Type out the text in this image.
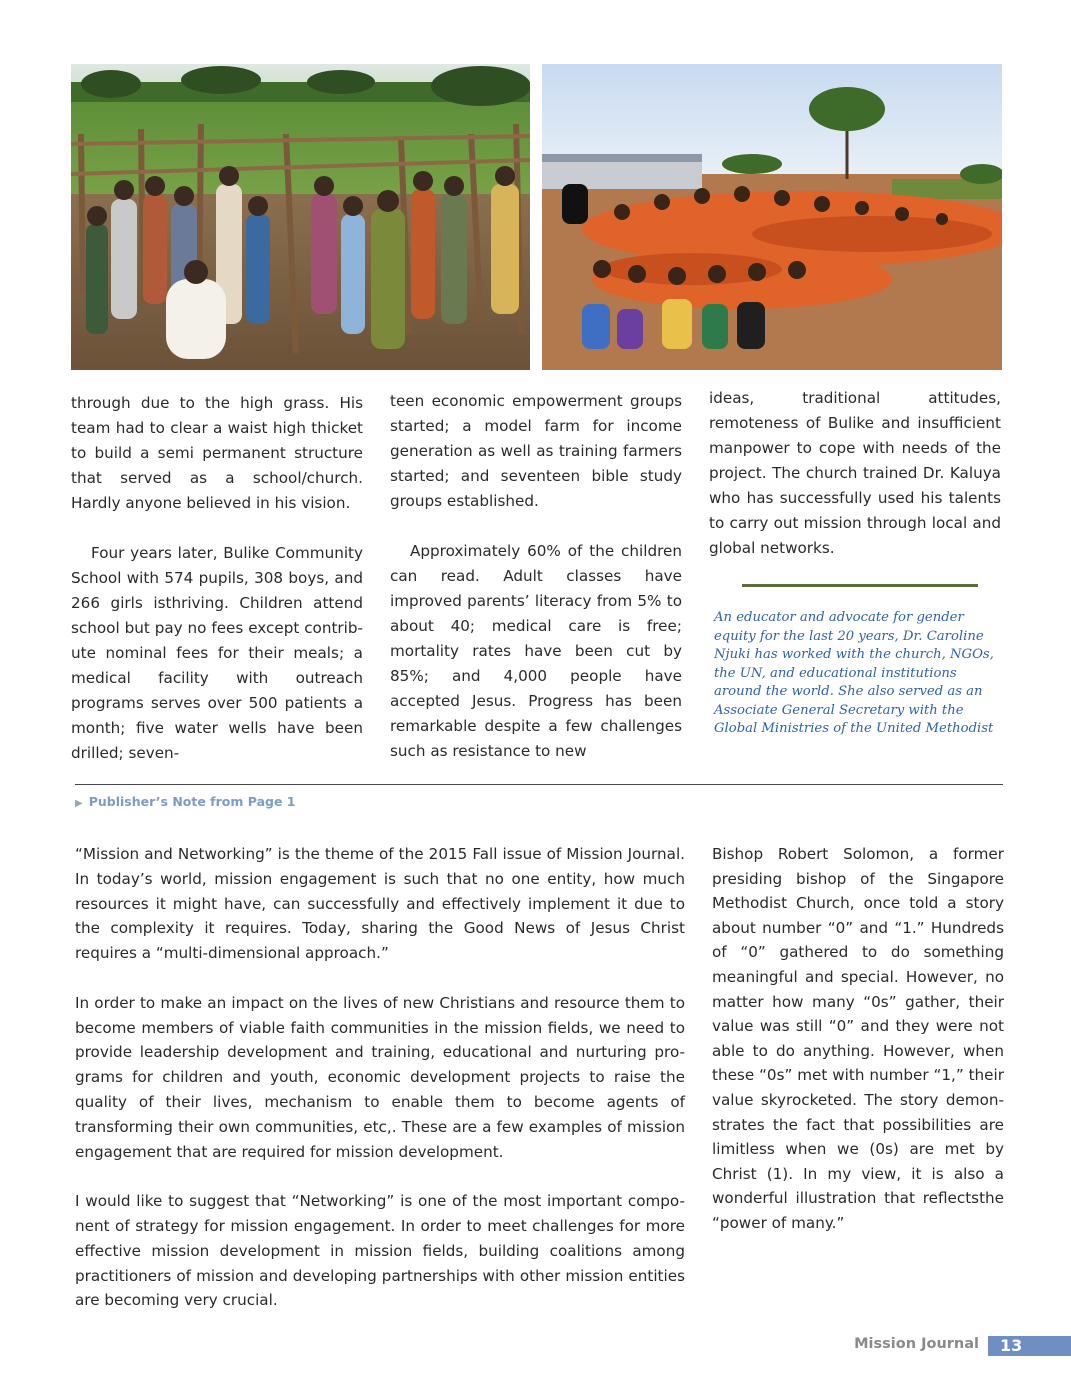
through due to the high grass. His team had to clear a waist high thicket to build a semi permanent structure that served as a school/church. Hardly anyone believed in his vision.

Four years later, Bulike Community School with 574 pupils, 308 boys, and 266 girls isthriving. Children attend school but pay no fees except contrib- ute nominal fees for their meals; a medical facility with outreach programs serves over 500 patients a month; five water wells have been drilled; seven-

teen economic empowerment groups started; a model farm for income generation as well as training farmers started; and seventeen bible study groups established.

Approximately 60% of the children can read. Adult classes have improved parents’ literacy from 5% to about 40; medical care is free; mortality rates have been cut by 85%; and 4,000 people have accepted Jesus. Progress has been remarkable despite a few challenges such as resistance to new

ideas, traditional attitudes, remoteness of Bulike and insufficient manpower to cope with needs of the project. The church trained Dr. Kaluya who has successfully used his talents to carry out mission through local and global networks.

An educator and advocate for gender equity for the last 20 years, Dr. Caroline Njuki has worked with the church, NGOs, the UN, and educational institutions around the world. She also served as an Associate General Secretary with the Global Ministries of the United Methodist
▶ Publisher’s Note from Page 1

“Mission and Networking” is the theme of the 2015 Fall issue of Mission Journal. In today’s world, mission engagement is such that no one entity, how much resources it might have, can successfully and effectively implement it due to the complexity it requires. Today, sharing the Good News of Jesus Christ requires a “multi-dimensional approach.”

In order to make an impact on the lives of new Christians and resource them to become members of viable faith communities in the mission fields, we need to provide leadership development and training, educational and nurturing pro- grams for children and youth, economic development projects to raise the quality of their lives, mechanism to enable them to become agents of transforming their own communities, etc,. These are a few examples of mission engagement that are required for mission development.

I would like to suggest that “Networking” is one of the most important compo- nent of strategy for mission engagement. In order to meet challenges for more effective mission development in mission fields, building coalitions among practitioners of mission and developing partnerships with other mission entities are becoming very crucial.

Bishop Robert Solomon, a former presiding bishop of the Singapore Methodist Church, once told a story about number “0” and “1.” Hundreds of “0” gathered to do something meaningful and special. However, no matter how many “0s” gather, their value was still “0” and they were not able to do anything. However, when these “0s” met with number “1,” their value skyrocketed. The story demon- strates the fact that possibilities are limitless when we (0s) are met by Christ (1). In my view, it is also a wonderful illustration that reflectsthe “power of many.”

Mission Journal	13
